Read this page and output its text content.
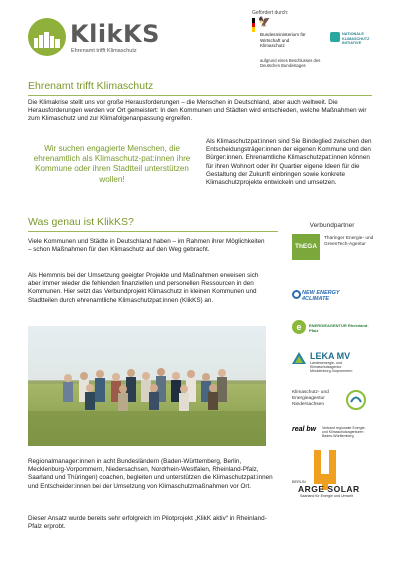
KlikKS
Ehrenamt trifft Klimaschutz
Gefördert durch:
🦅
Bundesministerium für Wirtschaft und Klimaschutz
NATIONALE KLIMASCHUTZ INITIATIVE
aufgrund eines Beschlusses des Deutschen Bundestages
Ehrenamt trifft Klimaschutz
Die Klimakrise stellt uns vor große Herausforderungen – die Menschen in Deutschland, aber auch weltweit. Die Herausforderungen werden vor Ort gemeistert: In den Kommunen und Städten wird entschieden, welche Maßnahmen wir zum Klimaschutz und zur Klimafolgenanpassung ergreifen.
Wir suchen engagierte Menschen, die ehrenamtlich als Klimaschutz-pat:innen ihre Kommune oder ihren Stadtteil unterstützen wollen!
Als Klimaschutzpat:innen sind Sie Bindeglied zwischen den Entscheidungsträger:innen der eigenen Kommune und den Bürger:innen. Ehrenamtliche Klimaschutzpat:innen können für ihren Wohnort oder ihr Quartier eigene Ideen für die Gestaltung der Zukunft einbringen sowie konkrete Klimaschutzprojekte entwickeln und umsetzen.
Was genau ist KlikKS?
Viele Kommunen und Städte in Deutschland haben – im Rahmen ihrer Möglichkeiten – schon Maßnahmen für den Klimaschutz auf den Weg gebracht.
Als Hemmnis bei der Umsetzung geeigter Projekte und Maßnahmen erweisen sich aber immer wieder die fehlenden finanziellen und personellen Ressourcen in den Kommunen. Hier setzt das Verbundprojekt Klimaschutz in kleinen Kommunen und Stadtteilen durch ehrenamtliche Klimaschutzpat:innen (KlikKS) an.
Regionalmanager:innen in acht Bundesländern (Baden-Württemberg, Berlin, Mecklenburg-Vorpommern, Niedersachsen, Nordrhein-Westfalen, Rheinland-Pfalz, Saarland und Thüringen) coachen, begleiten und unterstützen die Klimaschutzpat:innen und Entscheider:innen bei der Umsetzung von Klimaschutzmaßnahmen vor Ort.
Dieser Ansatz wurde bereits sehr erfolgreich im Pilotprojekt „KlikK aktiv“ in Rheinland-Pfalz erprobt.
Verbundpartner
ThEGA
Thüringer Energie- und GreenTech-Agentur
NEW ENERGY 4CLIMATE
e	ENERGIEAGENTUR Rheinland-Pfalz
LEKA MV
Landesenergie- und Klimaschutzagentur Mecklenburg-Vorpommern
Klimaschutz- und Energieagentur Niedersachsen
real bw Verband regionaler Energie- und Klimaschutzagenturen Baden-Württemberg
BERLIN
ARGE SOLAR
Saarland für Energie und Umwelt
